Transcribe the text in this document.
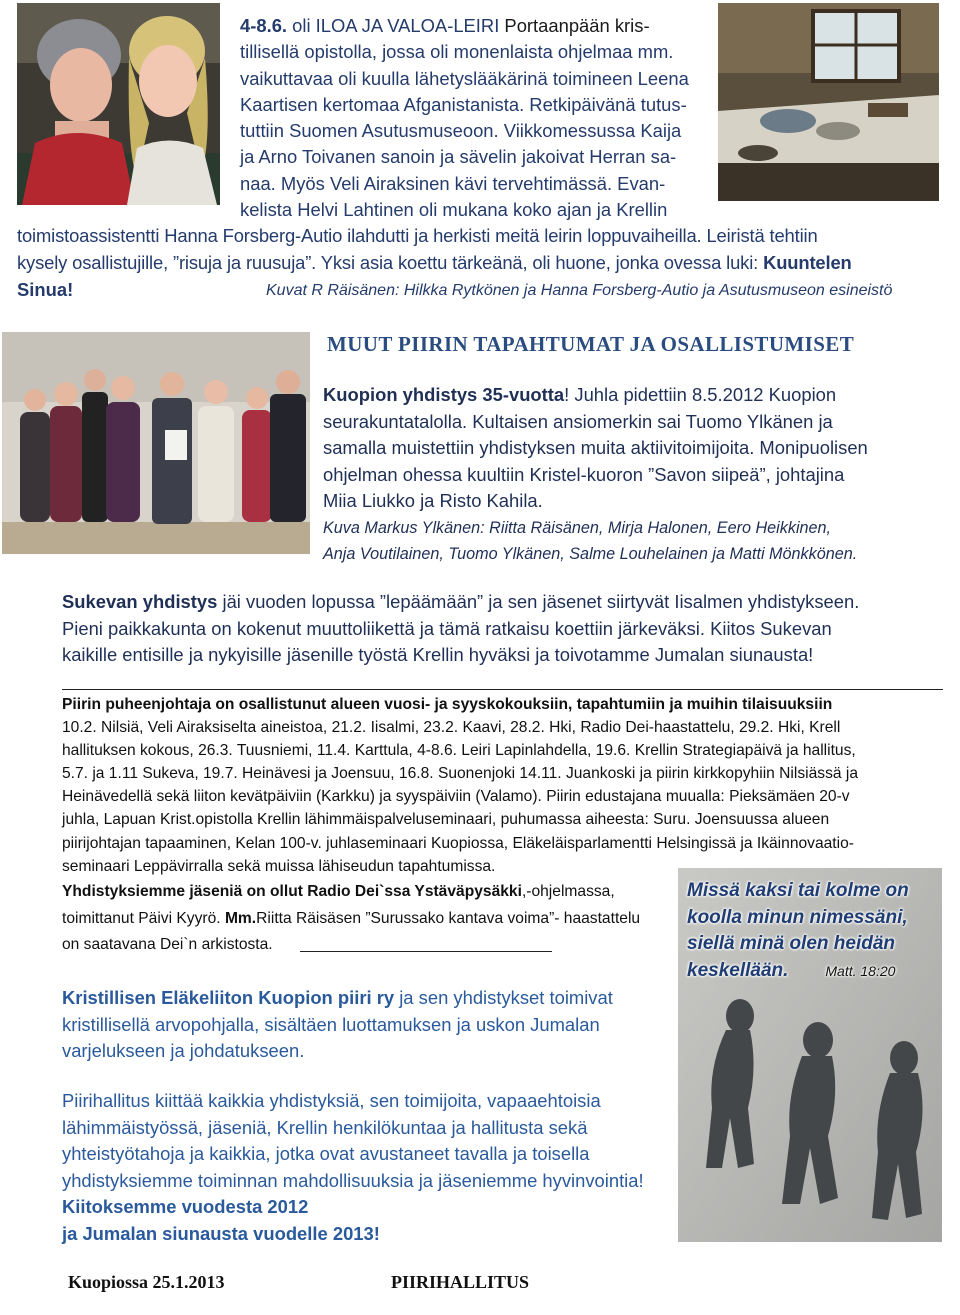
4-8.6. oli ILOA JA VALOA-LEIRI Portaanpään kris-
tillisellä opistolla, jossa oli monenlaista ohjelmaa mm.
vaikuttavaa oli kuulla lähetyslääkärinä toimineen Leena
Kaartisen kertomaa Afganistanista. Retkipäivänä tutus-
tuttiin Suomen Asutusmuseoon. Viikkomessussa Kaija
ja Arno Toivanen sanoin ja sävelin jakoivat Herran sa-
naa. Myös Veli Airaksinen kävi tervehtimässä. Evan-
kelista Helvi Lahtinen oli mukana koko ajan ja Krellin
toimistoassistentti Hanna Forsberg-Autio ilahdutti ja herkisti meitä leirin loppuvaiheilla. Leiristä tehtiin
kysely osallistujille, ”risuja ja ruusuja”. Yksi asia koettu tärkeänä, oli huone, jonka ovessa luki: Kuuntelen
Sinua!	Kuvat R Räisänen: Hilkka Rytkönen ja Hanna Forsberg-Autio ja Asutusmuseon esineistö
MUUT PIIRIN TAPAHTUMAT JA OSALLISTUMISET
Kuopion yhdistys 35-vuotta! Juhla pidettiin 8.5.2012 Kuopion
seurakuntatalolla. Kultaisen ansiomerkin sai Tuomo Ylkänen ja
samalla muistettiin yhdistyksen muita aktiivitoimijoita. Monipuolisen
ohjelman ohessa kuultiin Kristel-kuoron ”Savon siipeä”, johtajina
Miia Liukko ja Risto Kahila.
Kuva Markus Ylkänen: Riitta Räisänen, Mirja Halonen, Eero Heikkinen,
Anja Voutilainen, Tuomo Ylkänen, Salme Louhelainen ja Matti Mönkkönen.
Sukevan yhdistys jäi vuoden lopussa ”lepäämään” ja sen jäsenet siirtyvät Iisalmen yhdistykseen.
Pieni paikkakunta on kokenut muuttoliikettä ja tämä ratkaisu koettiin järkeväksi. Kiitos Sukevan
kaikille entisille ja nykyisille jäsenille työstä Krellin hyväksi ja toivotamme Jumalan siunausta!
Piirin puheenjohtaja on osallistunut alueen vuosi- ja syyskokouksiin, tapahtumiin ja muihin tilaisuuksiin
10.2. Nilsiä, Veli Airaksiselta aineistoa, 21.2. Iisalmi, 23.2. Kaavi, 28.2. Hki, Radio Dei-haastattelu, 29.2. Hki, Krell
hallituksen kokous, 26.3. Tuusniemi, 11.4. Karttula, 4-8.6. Leiri Lapinlahdella, 19.6. Krellin Strategiapäivä ja hallitus,
5.7. ja 1.11 Sukeva, 19.7. Heinävesi ja Joensuu, 16.8. Suonenjoki 14.11. Juankoski ja piirin kirkkopyhiin Nilsiässä ja
Heinävedellä sekä liiton kevätpäiviin (Karkku) ja syyspäiviin (Valamo). Piirin edustajana muualla: Pieksämäen 20-v
juhla, Lapuan Krist.opistolla Krellin lähimmäispalveluseminaari, puhumassa aiheesta: Suru. Joensuussa alueen
piirijohtajan tapaaminen, Kelan 100-v. juhlaseminaari Kuopiossa, Eläkeläisparlamentti Helsingissä ja Ikäinnovaatio-
seminaari Leppävirralla sekä muissa lähiseudun tapahtumissa.
Yhdistyksiemme jäseniä on ollut Radio Dei`ssa Ystäväpysäkki,-ohjelmassa,
toimittanut Päivi Kyyrö. Mm.Riitta Räisäsen ”Surussako kantava voima”- haastattelu
on saatavana Dei`n arkistosta.
Missä kaksi tai kolme on
koolla minun nimessäni,
siellä minä olen heidän
keskellään.	Matt. 18:20
Kristillisen Eläkeliiton Kuopion piiri ry ja sen yhdistykset toimivat
kristillisellä arvopohjalla, sisältäen luottamuksen ja uskon Jumalan
varjelukseen ja johdatukseen.
Piirihallitus kiittää kaikkia yhdistyksiä, sen toimijoita, vapaaehtoisia
lähimmäistyössä, jäseniä, Krellin henkilökuntaa ja hallitusta sekä
yhteistyötahoja ja kaikkia, jotka ovat avustaneet tavalla ja toisella
yhdistyksiemme toiminnan mahdollisuuksia ja jäseniemme hyvinvointia!
Kiitoksemme vuodesta 2012
ja Jumalan siunausta vuodelle 2013!
Kuopiossa 25.1.2013	PIIRIHALLITUS
